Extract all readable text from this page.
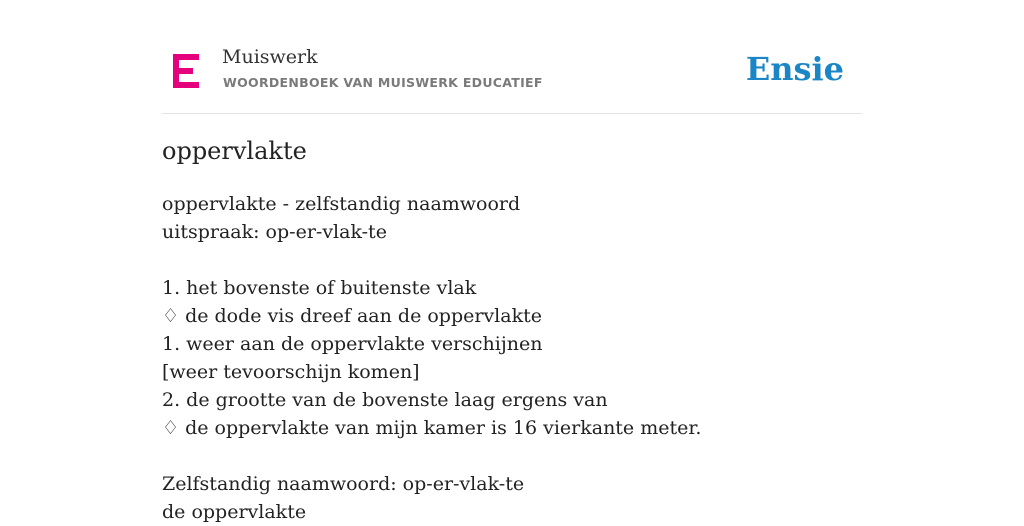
Muiswerk
WOORDENBOEK VAN MUISWERK EDUCATIEF	Ensie
oppervlakte
oppervlakte - zelfstandig naamwoord
uitspraak: op-er-vlak-te
1. het bovenste of buitenste vlak
♢ de dode vis dreef aan de oppervlakte
1. weer aan de oppervlakte verschijnen
[weer tevoorschijn komen]
2. de grootte van de bovenste laag ergens van
♢ de oppervlakte van mijn kamer is 16 vierkante meter.
Zelfstandig naamwoord: op-er-vlak-te
de oppervlakte
